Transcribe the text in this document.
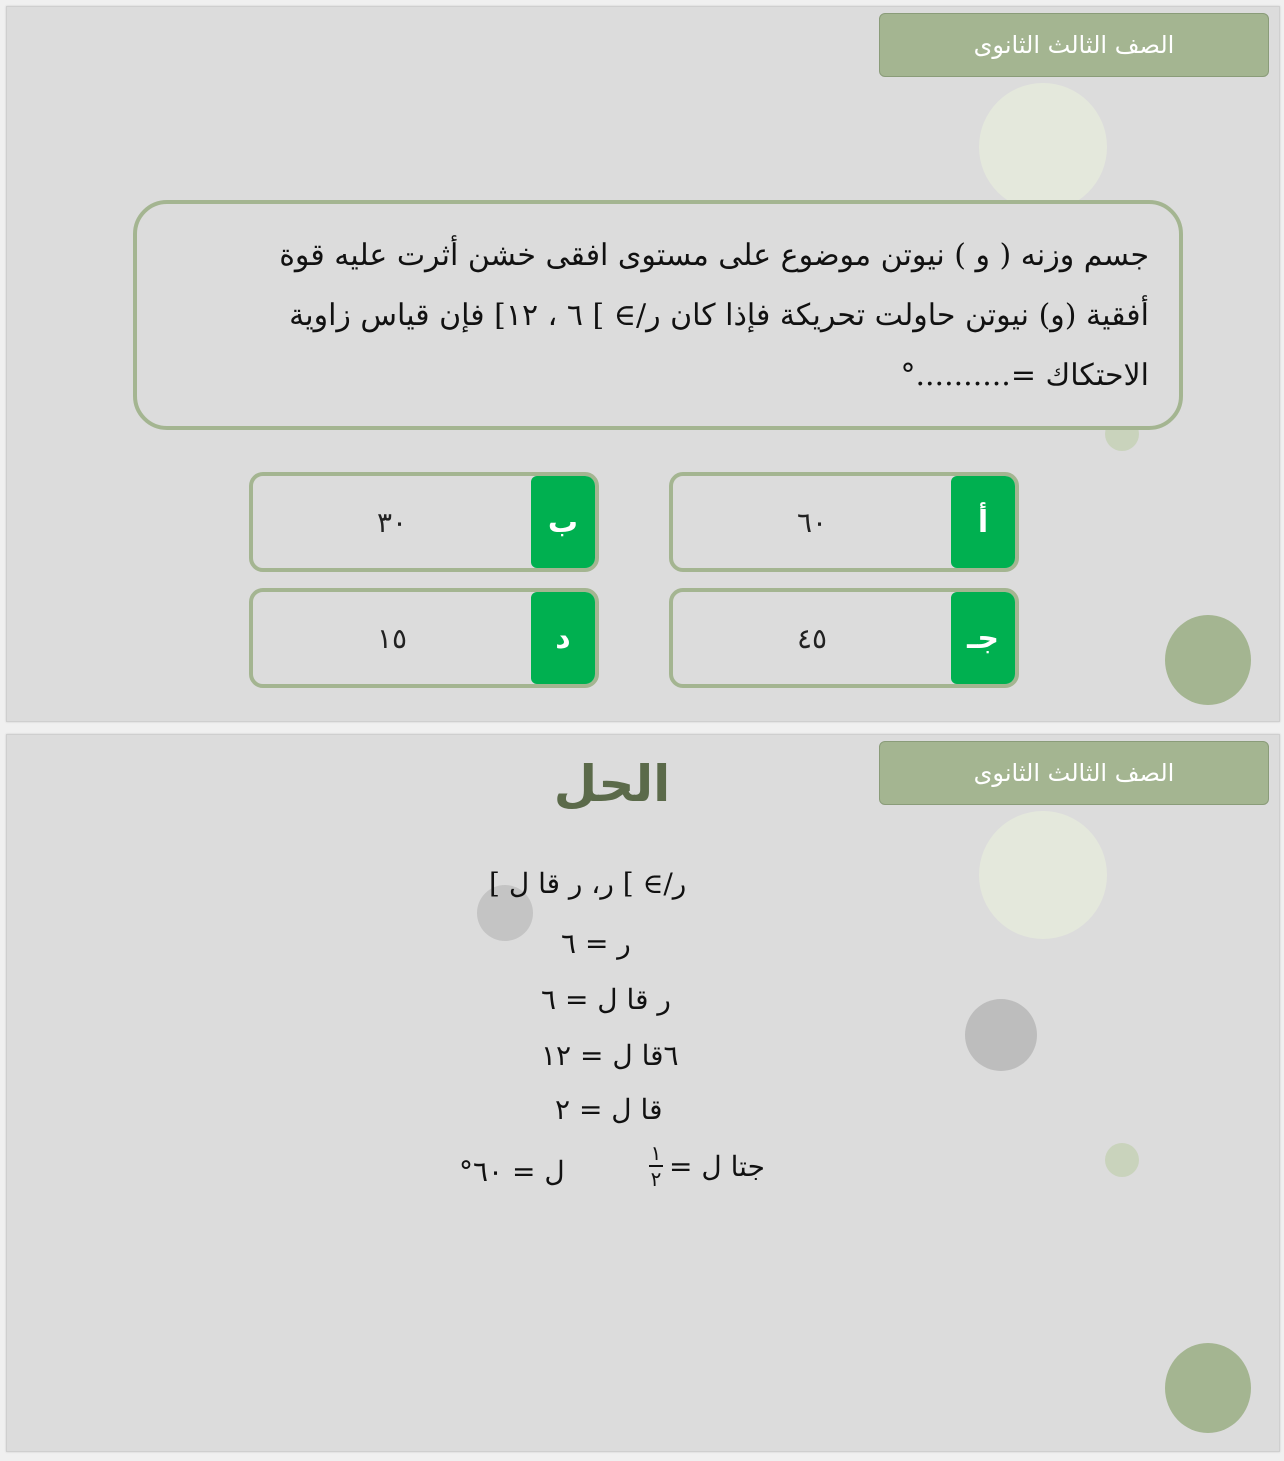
الصف الثالث الثانوى
جسم وزنه ( و ) نيوتن موضوع على مستوى افقى خشن أثرت عليه قوة
أفقية (و) نيوتن حاولت تحريكة فإذا كان ر/∋ ] ٦ ، ١٢] فإن قياس زاوية
الاحتكاك =..........°
أ
٦٠
ب
٣٠
جـ
٤٥
د
١٥
الصف الثالث الثانوى
الحل
ر/∋ ] ر، ر قا ل ]
ر = ٦
ر قا ل = ٦
٦قا ل = ١٢
قا ل = ٢
ل = ٦٠°	جتا ل =
١
٢
